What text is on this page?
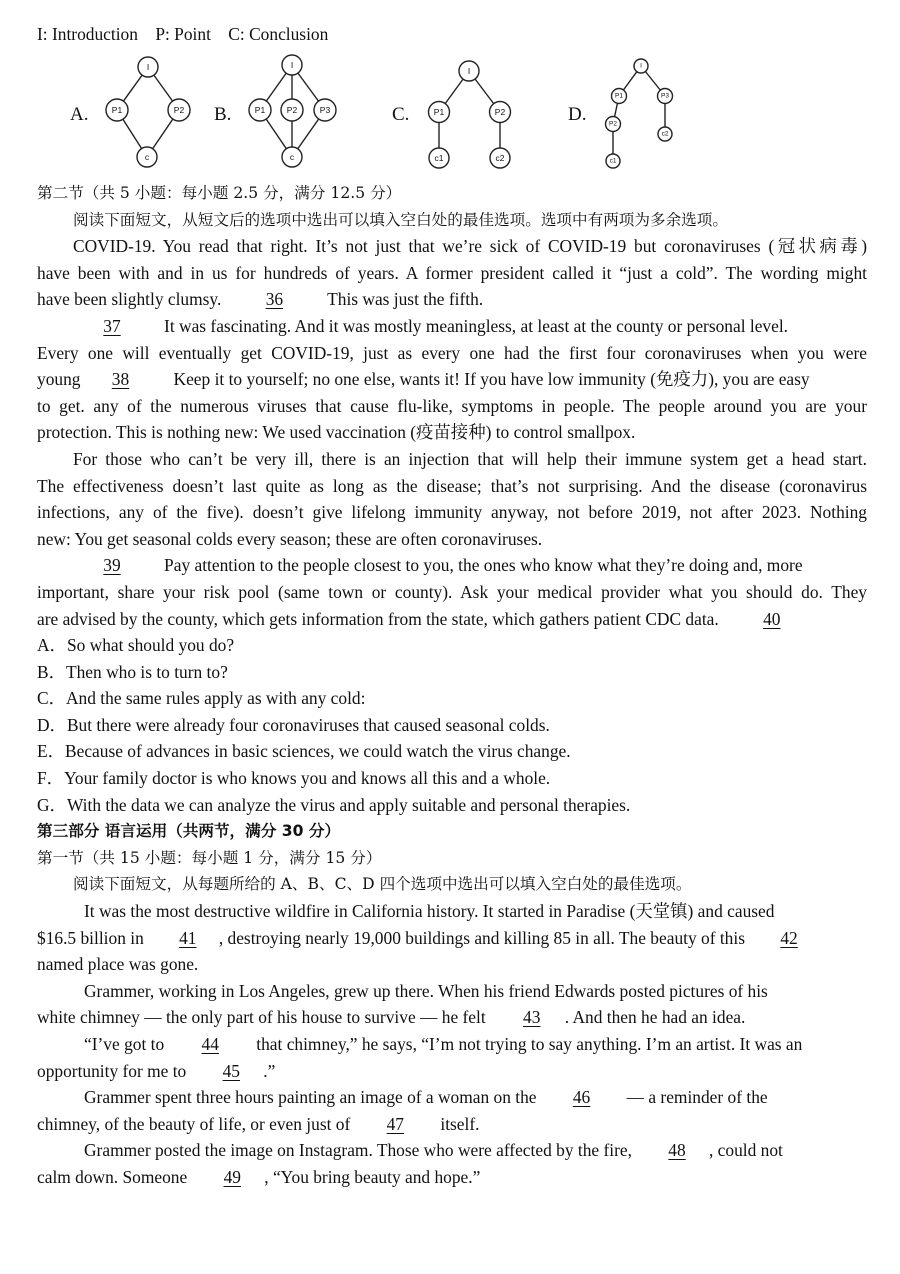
I: Introduction    P: Point    C: Conclusion
A.
I
P1	P2
c
B.
I
P1	P2	P3
c
C.
I
P1	P2
c1	c2
D.
I
P1	P3
P2
c2
c1
第二节（共 5 小题：每小题 2.5 分，满分 12.5 分）
阅读下面短文，从短文后的选项中选出可以填入空白处的最佳选项。选项中有两项为多余选项。
COVID-19. You read that right. It’s not just that we’re sick of COVID-19 but coronaviruses (冠状病毒)
have been with and in us for hundreds of years. A former president called it “just a cold”. The wording might
have been slightly clumsy.	36	This was just the fifth.
37 It was fascinating. And it was mostly meaningless, at least at the county or personal level.
Every one will eventually get COVID-19, just as every one had the first four coronaviruses when you were
young 38	Keep it to yourself; no one else, wants it! If you have low immunity (免疫力), you are easy
to get. any of the numerous viruses that cause flu-like, symptoms in people. The people around you are your
protection. This is nothing new: We used vaccination (疫苗接种) to control smallpox.
For those who can’t be very ill, there is an injection that will help their immune system get a head start.
The effectiveness doesn’t last quite as long as the disease; that’s not surprising. And the disease (coronavirus
infections, any of the five). doesn’t give lifelong immunity anyway, not before 2019, not after 2023. Nothing
new: You get seasonal colds every season; these are often coronaviruses.
39 Pay attention to the people closest to you, the ones who know what they’re doing and, more
important, share your risk pool (same town or county). Ask your medical provider what you should do. They
are advised by the county, which gets information from the state, which gathers patient CDC data.	40
A．So what should you do?
B．Then who is to turn to?
C．And the same rules apply as with any cold:
D．But there were already four coronaviruses that caused seasonal colds.
E．Because of advances in basic sciences, we could watch the virus change.
F．Your family doctor is who knows you and knows all this and a whole.
G．With the data we can analyze the virus and apply suitable and personal therapies.
第三部分 语言运用（共两节，满分 30 分）
第一节（共 15 小题：每小题 1 分，满分 15 分）
阅读下面短文，从每题所给的 A、B、C、D 四个选项中选出可以填入空白处的最佳选项。
It was the most destructive wildfire in California history. It started in Paradise (天堂镇) and caused
$16.5 billion in 41 , destroying nearly 19,000 buildings and killing 85 in all. The beauty of this 42
named place was gone.
Grammer, working in Los Angeles, grew up there. When his friend Edwards posted pictures of his
white chimney — the only part of his house to survive — he felt 43 . And then he had an idea.
“I’ve got to 44 that chimney,” he says, “I’m not trying to say anything. I’m an artist. It was an
opportunity for me to 45 .”
Grammer spent three hours painting an image of a woman on the 46 — a reminder of the
chimney, of the beauty of life, or even just of 47 itself.
Grammer posted the image on Instagram. Those who were affected by the fire, 48 , could not
calm down. Someone 49 , “You bring beauty and hope.”
